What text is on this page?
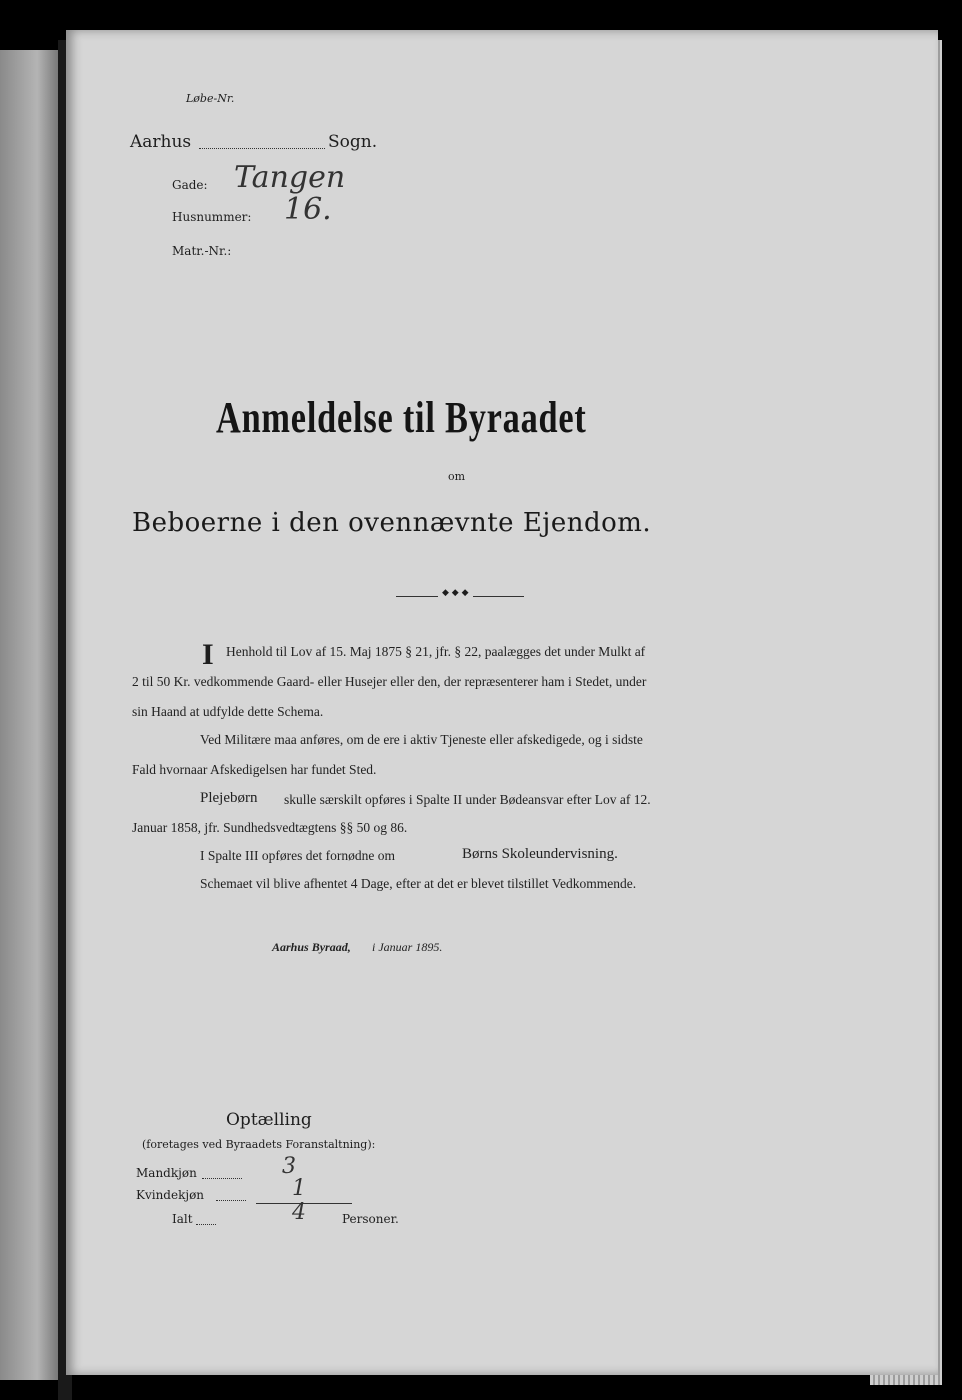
Løbe-Nr.
Aarhus	Sogn.
Gade: Tangen
Husnummer: 16.
Matr.-Nr.:
Anmeldelse til Byraadet
om
Beboerne i den ovennævnte Ejendom.
◆ ◆ ◆
I Henhold til Lov af 15. Maj 1875 § 21, jfr. § 22, paalægges det under Mulkt af
2 til 50 Kr. vedkommende Gaard- eller Husejer eller den, der repræsenterer ham i Stedet, under
sin Haand at udfylde dette Schema.
Ved Militære maa anføres, om de ere i aktiv Tjeneste eller afskedigede, og i sidste
Fald hvornaar Afskedigelsen har fundet Sted.
Plejebørn skulle særskilt opføres i Spalte II under Bødeansvar efter Lov af 12.
Januar 1858, jfr. Sundhedsvedtægtens §§ 50 og 86.
I Spalte III opføres det fornødne om	Børns Skoleundervisning.
Schemaet vil blive afhentet 4 Dage, efter at det er blevet tilstillet Vedkommende.
Aarhus Byraad, i Januar 1895.
Optælling
(foretages ved Byraadets Foranstaltning):
Mandkjøn	3
Kvindekjøn	1
Ialt	4	Personer.
